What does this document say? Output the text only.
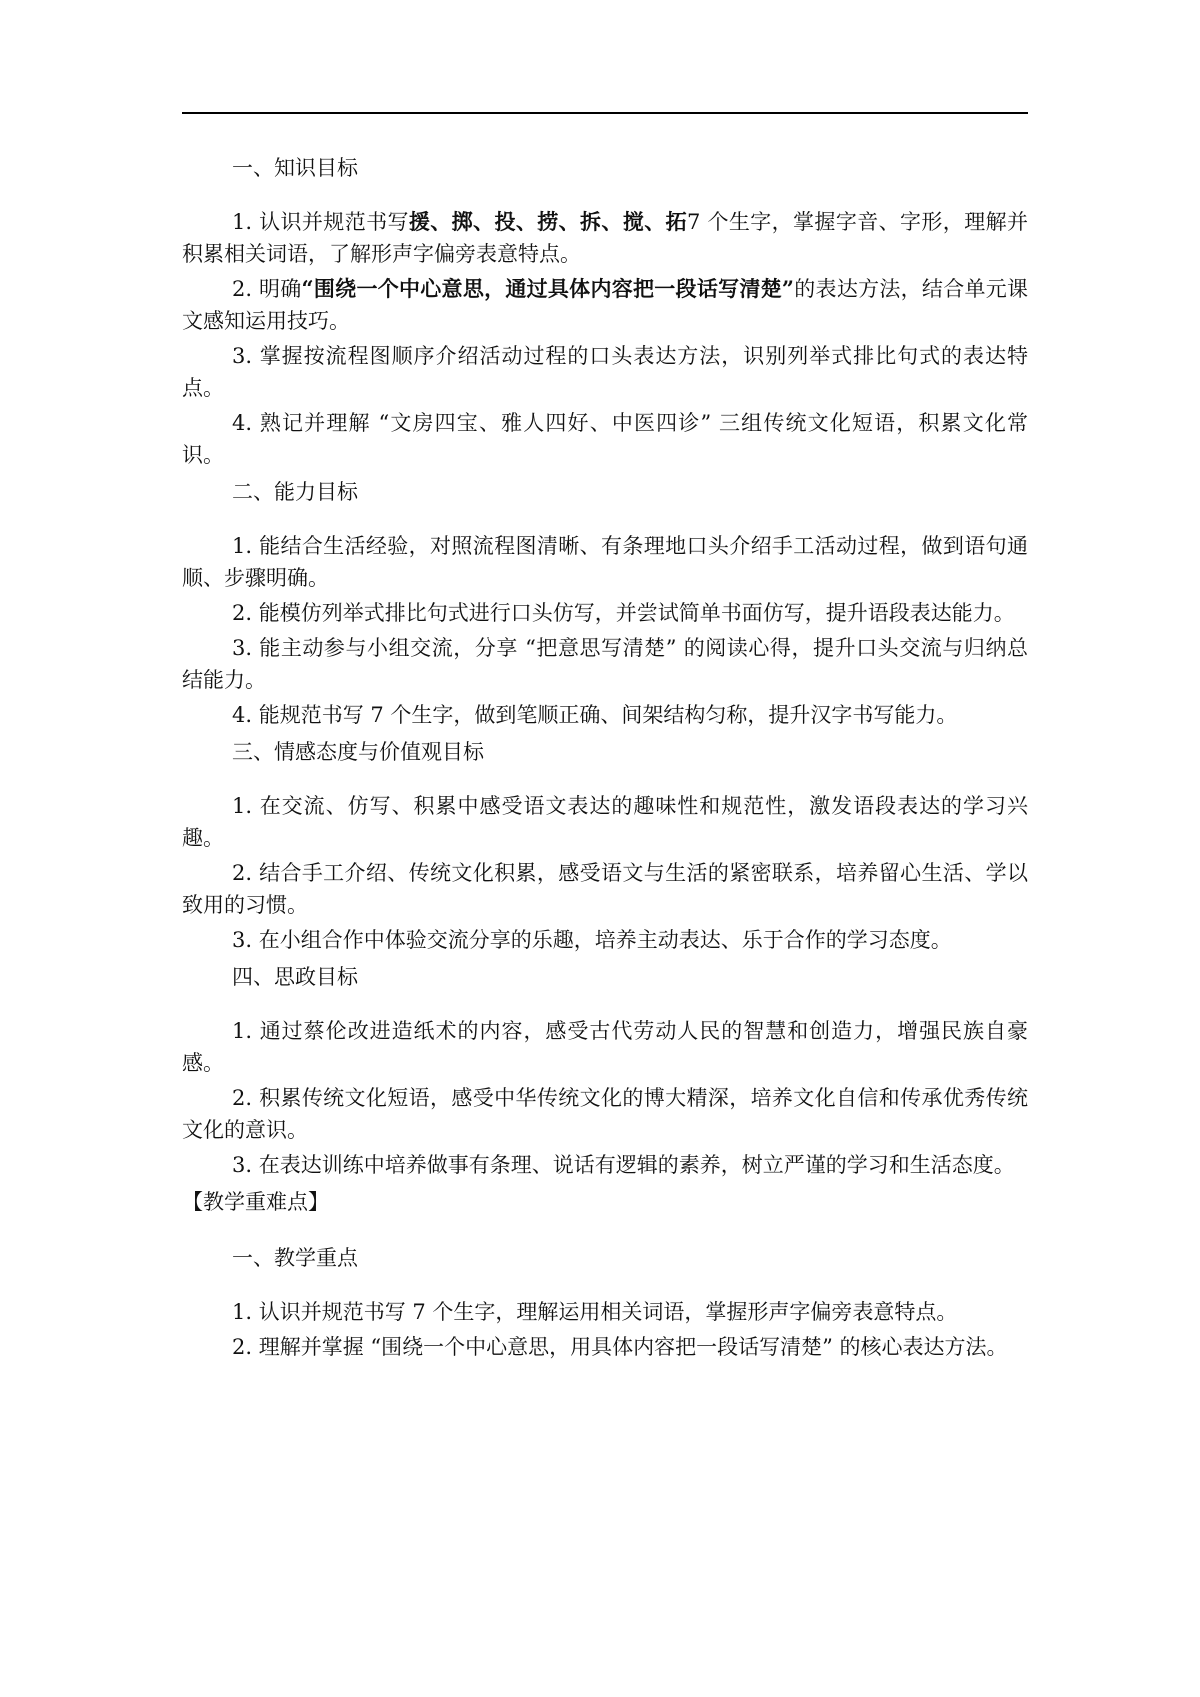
一、知识目标

1. 认识并规范书写援、掷、投、捞、拆、搅、拓7 个生字，掌握字音、字形，理解并积累相关词语，了解形声字偏旁表意特点。

2. 明确“围绕一个中心意思，通过具体内容把一段话写清楚”的表达方法，结合单元课文感知运用技巧。

3. 掌握按流程图顺序介绍活动过程的口头表达方法，识别列举式排比句式的表达特点。

4. 熟记并理解 “文房四宝、雅人四好、中医四诊” 三组传统文化短语，积累文化常识。

二、能力目标

1. 能结合生活经验，对照流程图清晰、有条理地口头介绍手工活动过程，做到语句通顺、步骤明确。

2. 能模仿列举式排比句式进行口头仿写，并尝试简单书面仿写，提升语段表达能力。

3. 能主动参与小组交流，分享 “把意思写清楚” 的阅读心得，提升口头交流与归纳总结能力。

4. 能规范书写 7 个生字，做到笔顺正确、间架结构匀称，提升汉字书写能力。

三、情感态度与价值观目标

1. 在交流、仿写、积累中感受语文表达的趣味性和规范性，激发语段表达的学习兴趣。

2. 结合手工介绍、传统文化积累，感受语文与生活的紧密联系，培养留心生活、学以致用的习惯。

3. 在小组合作中体验交流分享的乐趣，培养主动表达、乐于合作的学习态度。

四、思政目标

1. 通过蔡伦改进造纸术的内容，感受古代劳动人民的智慧和创造力，增强民族自豪感。

2. 积累传统文化短语，感受中华传统文化的博大精深，培养文化自信和传承优秀传统文化的意识。

3. 在表达训练中培养做事有条理、说话有逻辑的素养，树立严谨的学习和生活态度。

【教学重难点】

一、教学重点

1. 认识并规范书写 7 个生字，理解运用相关词语，掌握形声字偏旁表意特点。

2. 理解并掌握 “围绕一个中心意思，用具体内容把一段话写清楚” 的核心表达方法。
